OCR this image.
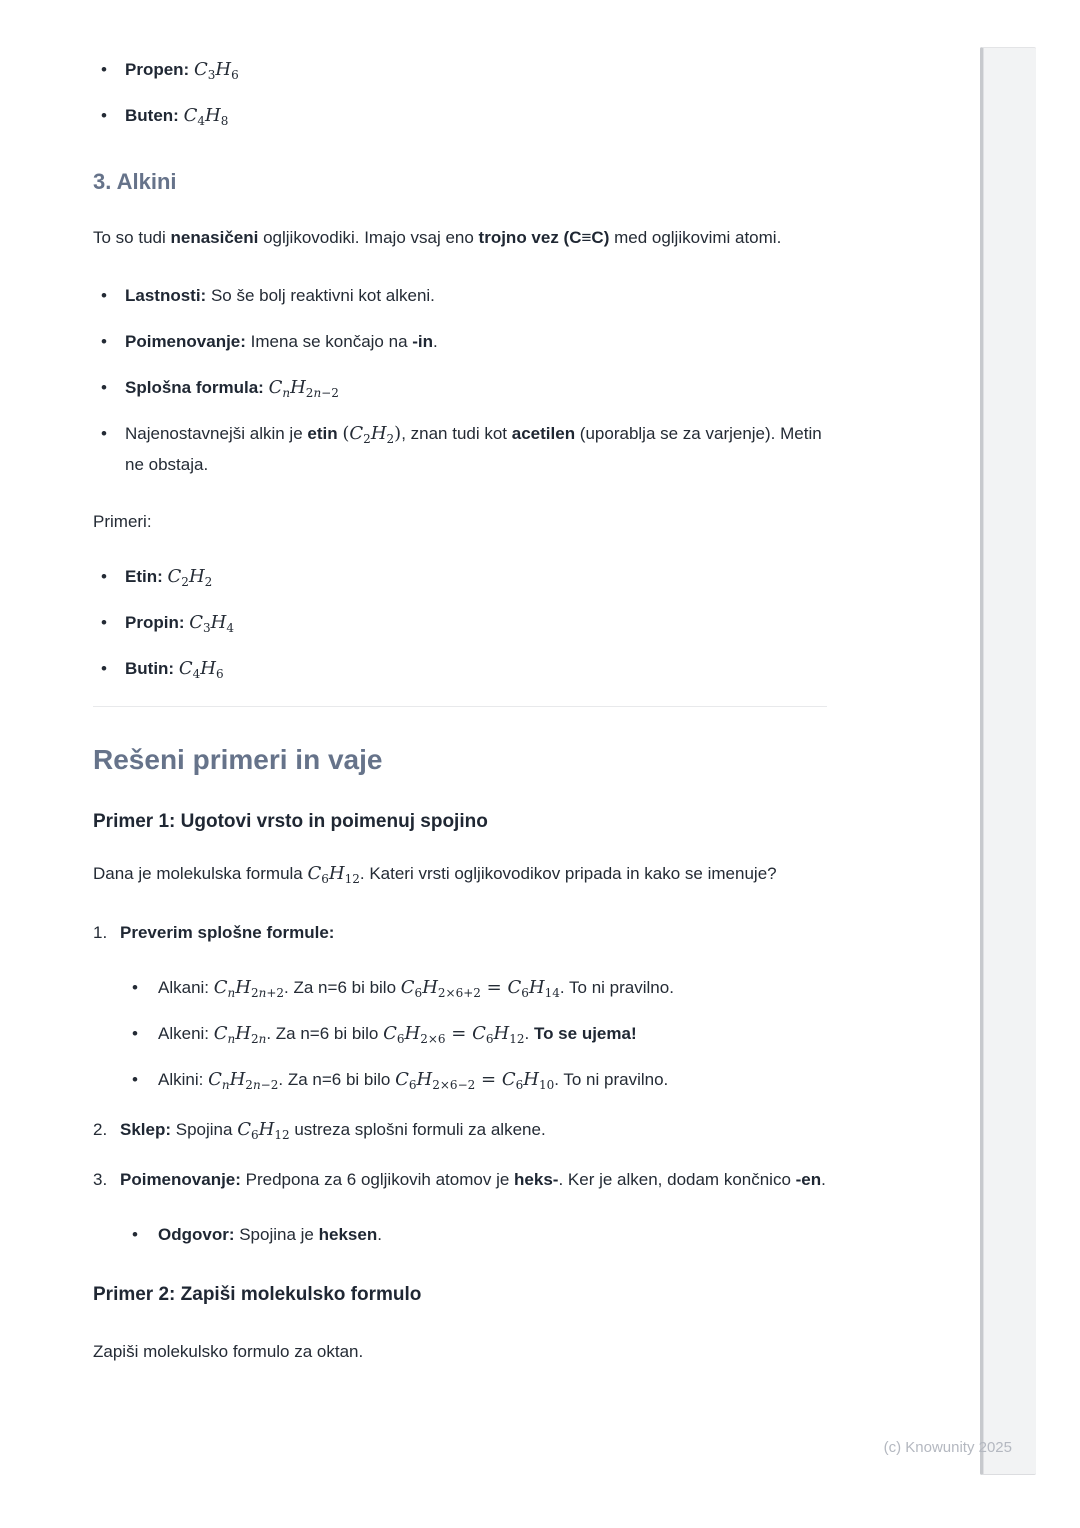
• Propen: $C_3H_6$
• Buten: $C_4H_8$
3. Alkini

To so tudi nenasičeni ogljikovodiki. Imajo vsaj eno trojno vez (C≡C) med ogljikovimi atomi.

• Lastnosti: So še bolj reaktivni kot alkeni.
• Poimenovanje: Imena se končajo na -in.
• Splošna formula: $C_nH_{2n-2}$
• Najenostavnejši alkin je etin $(C_2H_2)$, znan tudi kot acetilen (uporablja se za varjenje). Metin ne obstaja.

Primeri:

• Etin: $C_2H_2$
• Propin: $C_3H_4$
• Butin: $C_4H_6$
Rešeni primeri in vaje
Primer 1: Ugotovi vrsto in poimenuj spojino

Dana je molekulska formula $C_6H_{12}$. Kateri vrsti ogljikovodikov pripada in kako se imenuje?

Preverim splošne formule:
• Alkani: $C_nH_{2n+2}$. Za n=6 bi bilo $C_6H_{2\times 6+2} = C_6H_{14}$. To ni pravilno.
• Alkeni: $C_nH_{2n}$. Za n=6 bi bilo $C_6H_{2\times 6} = C_6H_{12}$. To se ujema!
• Alkini: $C_nH_{2n-2}$. Za n=6 bi bilo $C_6H_{2\times 6-2} = C_6H_{10}$. To ni pravilno.
Sklep: Spojina $C_6H_{12}$ ustreza splošni formuli za alkene.
Poimenovanje: Predpona za 6 ogljikovih atomov je heks-. Ker je alken, dodam končnico -en.
• Odgovor: Spojina je heksen.
Primer 2: Zapiši molekulsko formulo

Zapiši molekulsko formulo za oktan.

(c) Knowunity 2025
